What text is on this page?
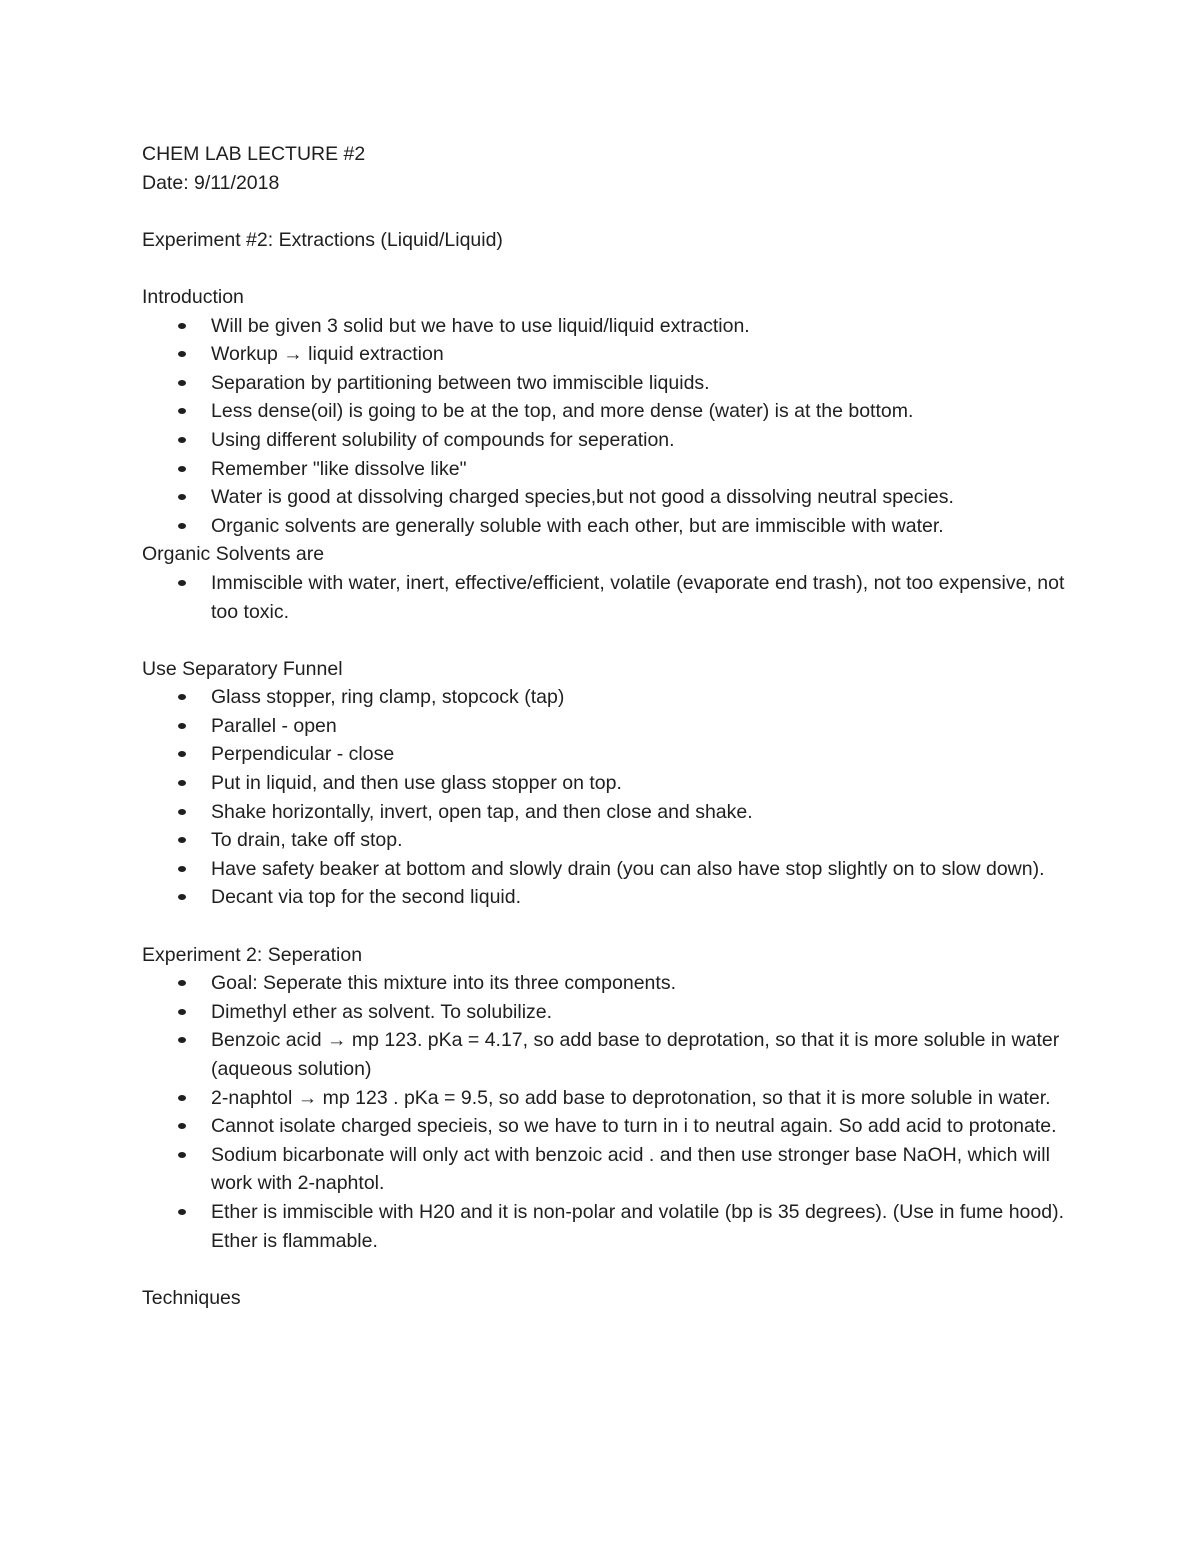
CHEM LAB LECTURE #2

Date: 9/11/2018

Experiment #2: Extractions (Liquid/Liquid)

Introduction

Will be given 3 solid but we have to use liquid/liquid extraction.
Workup → liquid extraction
Separation by partitioning between two immiscible liquids.
Less dense(oil) is going to be at the top, and more dense (water) is at the bottom.
Using different solubility of compounds for seperation.
Remember "like dissolve like"
Water is good at dissolving charged species,but not good a dissolving neutral species.
Organic solvents are generally soluble with each other, but are immiscible with water.

Organic Solvents are

Immiscible with water, inert, effective/efficient, volatile (evaporate end trash), not too expensive, not too toxic.

Use Separatory Funnel

Glass stopper, ring clamp, stopcock (tap)
Parallel - open
Perpendicular - close
Put in liquid, and then use glass stopper on top.
Shake horizontally, invert, open tap, and then close and shake.
To drain, take off stop.
Have safety beaker at bottom and slowly drain (you can also have stop slightly on to slow down).
Decant via top for the second liquid.

Experiment 2: Seperation

Goal: Seperate this mixture into its three components.
Dimethyl ether as solvent. To solubilize.
Benzoic acid → mp 123. pKa = 4.17, so add base to deprotation, so that it is more soluble in water (aqueous solution)
2-naphtol → mp 123 . pKa = 9.5, so add base to deprotonation, so that it is more soluble in water.
Cannot isolate charged specieis, so we have to turn in i to neutral again. So add acid to protonate.
Sodium bicarbonate will only act with benzoic acid . and then use stronger base NaOH, which will work with 2-naphtol.
Ether is immiscible with H20 and it is non-polar and volatile (bp is 35 degrees). (Use in fume hood). Ether is flammable.

Techniques
